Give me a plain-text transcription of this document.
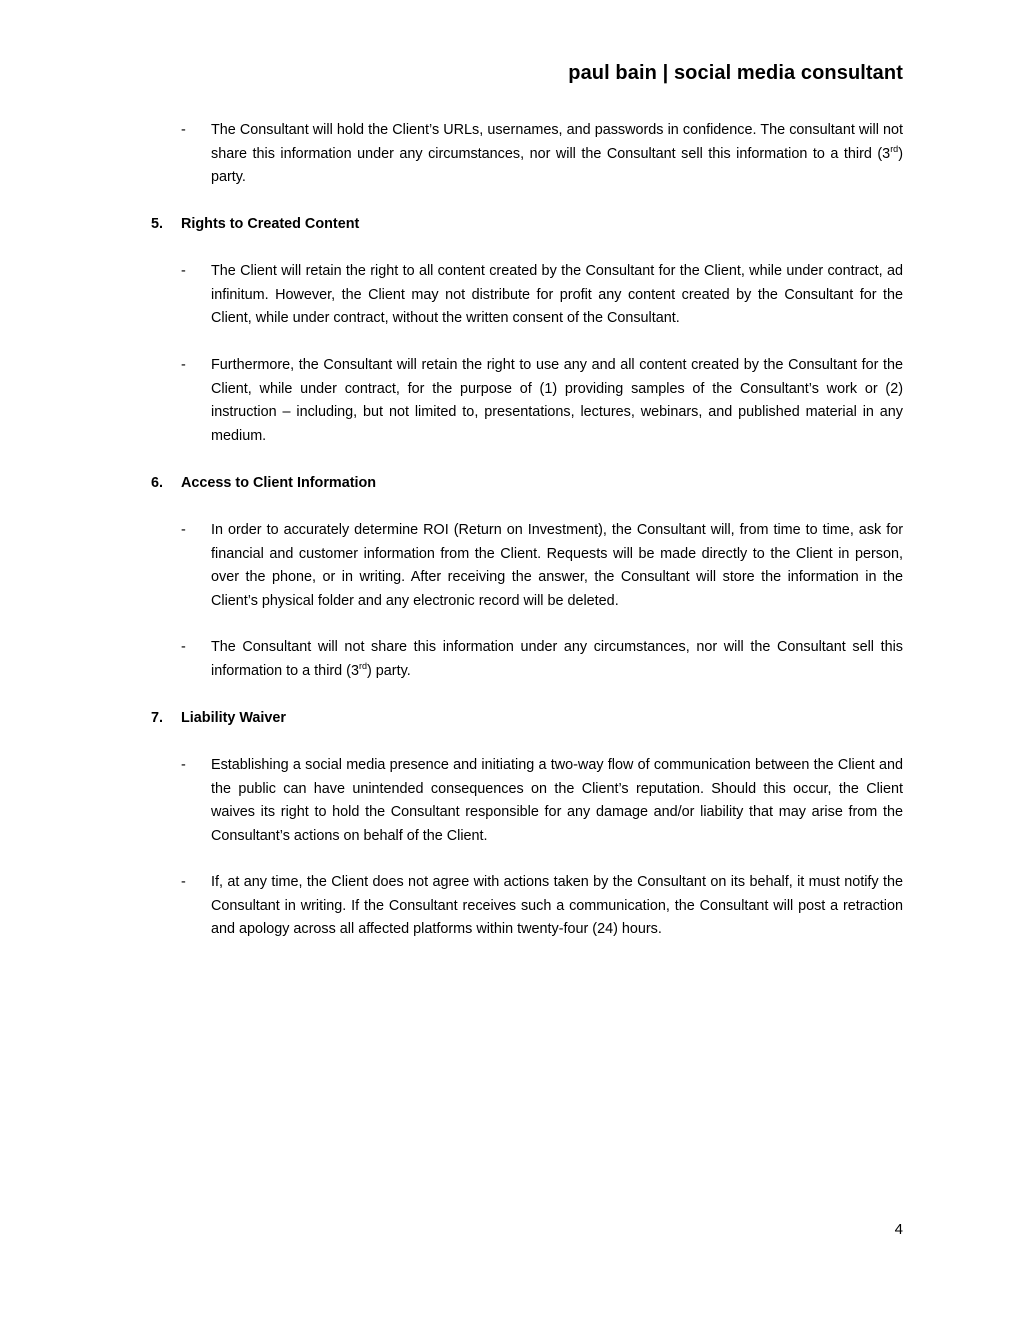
paul bain | social media consultant
- The Consultant will hold the Client’s URLs, usernames, and passwords in confidence. The consultant will not share this information under any circumstances, nor will the Consultant sell this information to a third (3rd) party.
5. Rights to Created Content
- The Client will retain the right to all content created by the Consultant for the Client, while under contract, ad infinitum. However, the Client may not distribute for profit any content created by the Consultant for the Client, while under contract, without the written consent of the Consultant.
- Furthermore, the Consultant will retain the right to use any and all content created by the Consultant for the Client, while under contract, for the purpose of (1) providing samples of the Consultant’s work or (2) instruction – including, but not limited to, presentations, lectures, webinars, and published material in any medium.
6. Access to Client Information
- In order to accurately determine ROI (Return on Investment), the Consultant will, from time to time, ask for financial and customer information from the Client. Requests will be made directly to the Client in person, over the phone, or in writing. After receiving the answer, the Consultant will store the information in the Client’s physical folder and any electronic record will be deleted.
- The Consultant will not share this information under any circumstances, nor will the Consultant sell this information to a third (3rd) party.
7. Liability Waiver
- Establishing a social media presence and initiating a two-way flow of communication between the Client and the public can have unintended consequences on the Client’s reputation. Should this occur, the Client waives its right to hold the Consultant responsible for any damage and/or liability that may arise from the Consultant’s actions on behalf of the Client.
- If, at any time, the Client does not agree with actions taken by the Consultant on its behalf, it must notify the Consultant in writing. If the Consultant receives such a communication, the Consultant will post a retraction and apology across all affected platforms within twenty-four (24) hours.
4
